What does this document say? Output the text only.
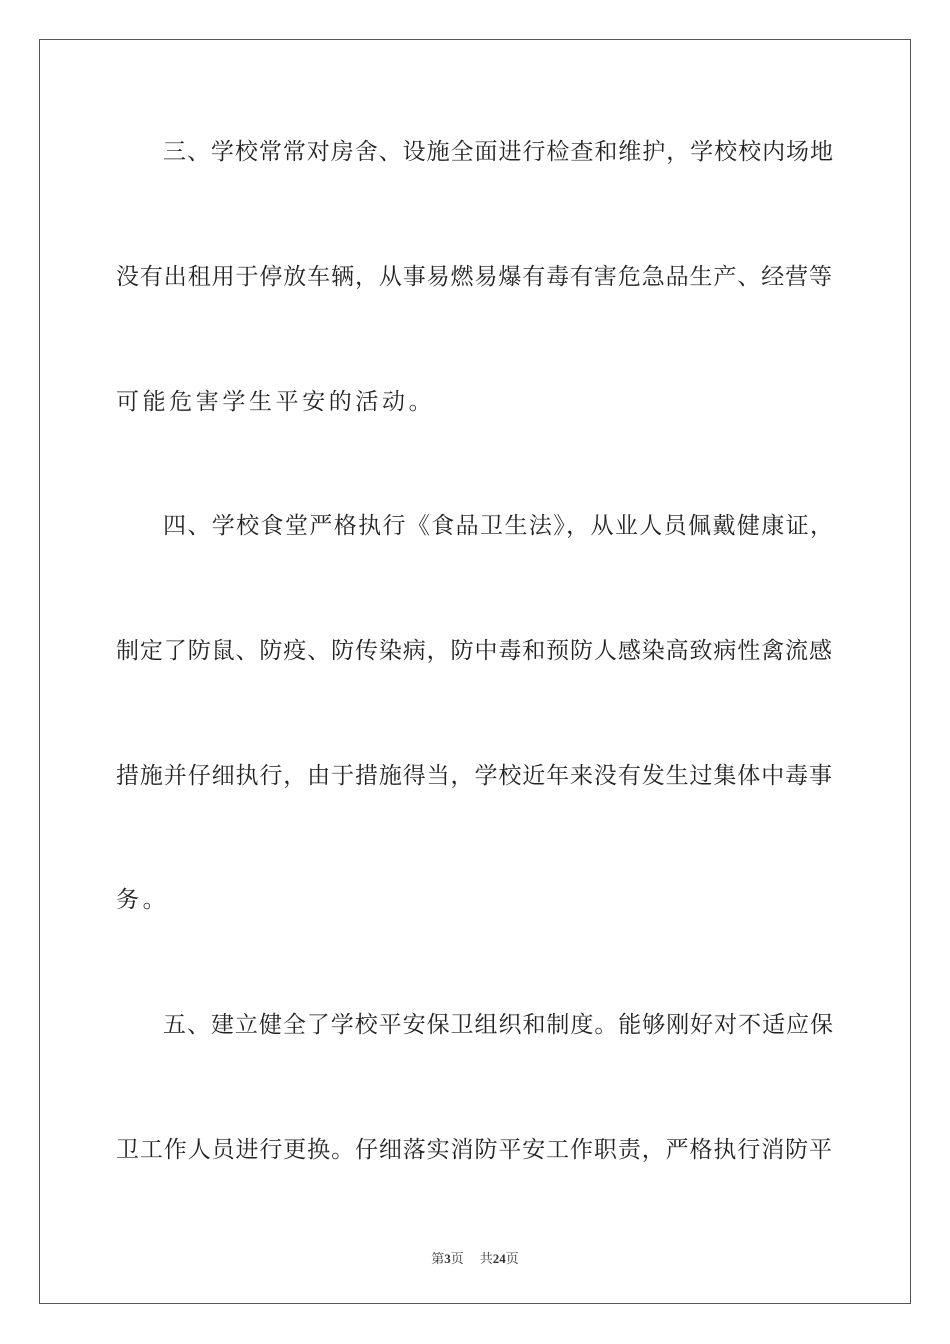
三、学校常常对房舍、设施全面进行检查和维护，学校校内场地
没有出租用于停放车辆，从事易燃易爆有毒有害危急品生产、经营等
可能危害学生平安的活动。
四、学校食堂严格执行《食品卫生法》，从业人员佩戴健康证，
制定了防鼠、防疫、防传染病，防中毒和预防人感染高致病性禽流感
措施并仔细执行，由于措施得当，学校近年来没有发生过集体中毒事
务。
五、建立健全了学校平安保卫组织和制度。能够刚好对不适应保
卫工作人员进行更换。仔细落实消防平安工作职责，严格执行消防平
第3页 共24页
